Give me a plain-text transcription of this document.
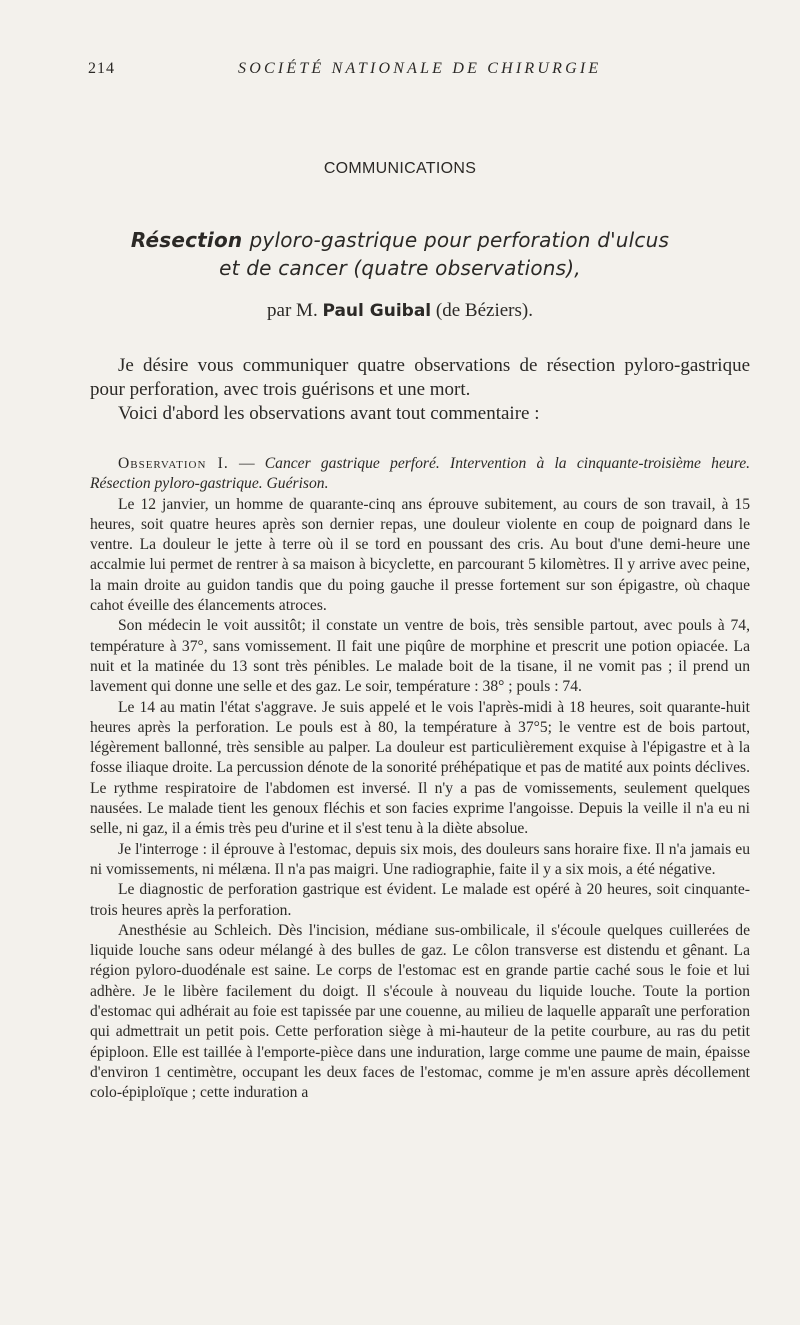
214	SOCIÉTÉ NATIONALE DE CHIRURGIE
COMMUNICATIONS
Résection pyloro-gastrique pour perforation d'ulcus
et de cancer (quatre observations),
par M. Paul Guibal (de Béziers).

Je désire vous communiquer quatre observations de résection pyloro-gastrique pour perforation, avec trois guérisons et une mort.

Voici d'abord les observations avant tout commentaire :

Observation I. — Cancer gastrique perforé. Intervention à la cinquante-troisième heure. Résection pyloro-gastrique. Guérison.

Le 12 janvier, un homme de quarante-cinq ans éprouve subitement, au cours de son travail, à 15 heures, soit quatre heures après son dernier repas, une douleur violente en coup de poignard dans le ventre. La douleur le jette à terre où il se tord en poussant des cris. Au bout d'une demi-heure une accalmie lui permet de rentrer à sa maison à bicyclette, en parcourant 5 kilomètres. Il y arrive avec peine, la main droite au guidon tandis que du poing gauche il presse fortement sur son épigastre, où chaque cahot éveille des élancements atroces.

Son médecin le voit aussitôt; il constate un ventre de bois, très sensible partout, avec pouls à 74, température à 37°, sans vomissement. Il fait une piqûre de morphine et prescrit une potion opiacée. La nuit et la matinée du 13 sont très pénibles. Le malade boit de la tisane, il ne vomit pas ; il prend un lavement qui donne une selle et des gaz. Le soir, température : 38° ; pouls : 74.

Le 14 au matin l'état s'aggrave. Je suis appelé et le vois l'après-midi à 18 heures, soit quarante-huit heures après la perforation. Le pouls est à 80, la température à 37°5; le ventre est de bois partout, légèrement ballonné, très sensible au palper. La douleur est particulièrement exquise à l'épigastre et à la fosse iliaque droite. La percussion dénote de la sonorité préhépatique et pas de matité aux points déclives. Le rythme respiratoire de l'abdomen est inversé. Il n'y a pas de vomissements, seulement quelques nausées. Le malade tient les genoux fléchis et son facies exprime l'angoisse. Depuis la veille il n'a eu ni selle, ni gaz, il a émis très peu d'urine et il s'est tenu à la diète absolue.

Je l'interroge : il éprouve à l'estomac, depuis six mois, des douleurs sans horaire fixe. Il n'a jamais eu ni vomissements, ni mélæna. Il n'a pas maigri. Une radiographie, faite il y a six mois, a été négative.

Le diagnostic de perforation gastrique est évident. Le malade est opéré à 20 heures, soit cinquante-trois heures après la perforation.

Anesthésie au Schleich. Dès l'incision, médiane sus-ombilicale, il s'écoule quelques cuillerées de liquide louche sans odeur mélangé à des bulles de gaz. Le côlon transverse est distendu et gênant. La région pyloro-duodénale est saine. Le corps de l'estomac est en grande partie caché sous le foie et lui adhère. Je le libère facilement du doigt. Il s'écoule à nouveau du liquide louche. Toute la portion d'estomac qui adhérait au foie est tapissée par une couenne, au milieu de laquelle apparaît une perforation qui admettrait un petit pois. Cette perforation siège à mi-hauteur de la petite courbure, au ras du petit épiploon. Elle est taillée à l'emporte-pièce dans une induration, large comme une paume de main, épaisse d'environ 1 centimètre, occupant les deux faces de l'estomac, comme je m'en assure après décollement colo-épiploïque ; cette induration a
